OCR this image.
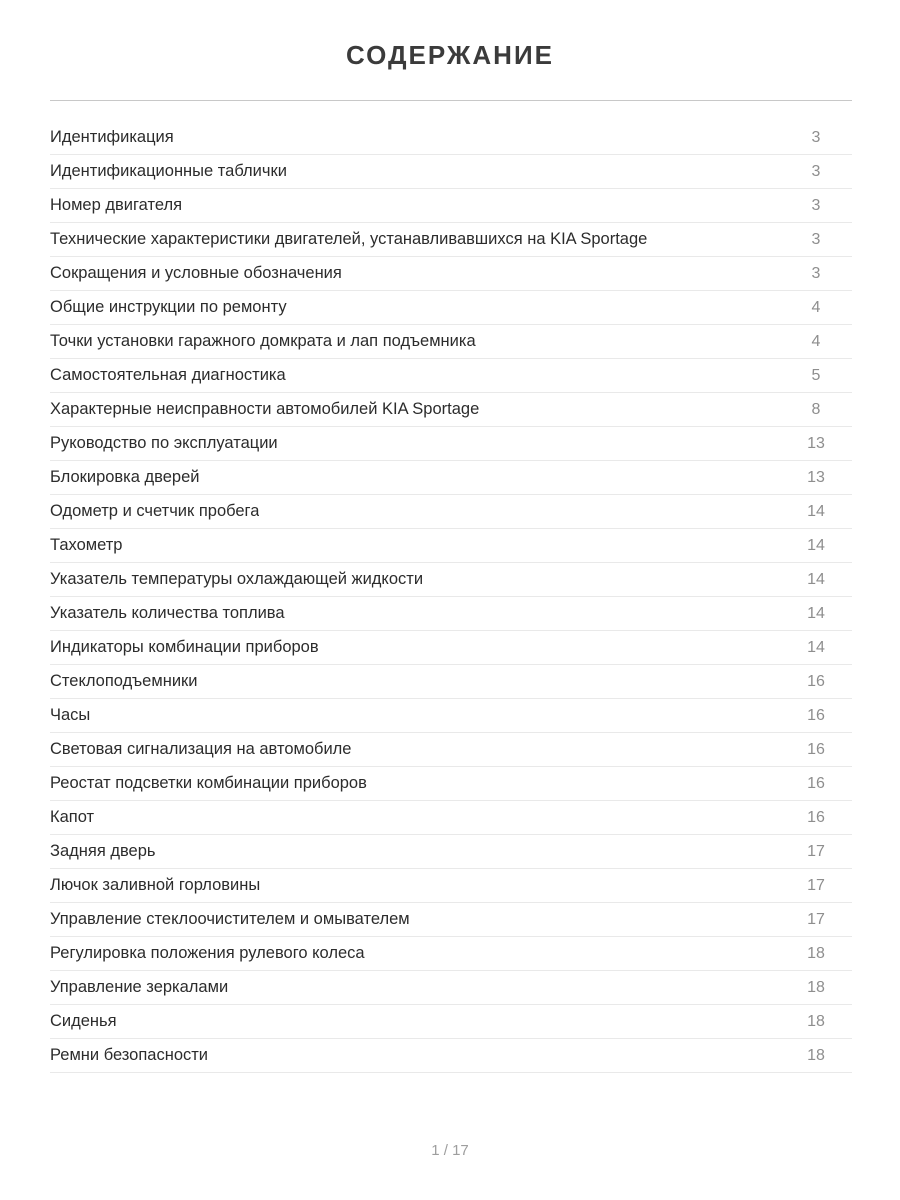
СОДЕРЖАНИЕ
Идентификация	3
Идентификационные таблички	3
Номер двигателя	3
Технические характеристики двигателей, устанавливавшихся на KIA Sportage	3
Сокращения и условные обозначения	3
Общие инструкции по ремонту	4
Точки установки гаражного домкрата и лап подъемника	4
Самостоятельная диагностика	5
Характерные неисправности автомобилей KIA Sportage	8
Руководство по эксплуатации	13
Блокировка дверей	13
Одометр и счетчик пробега	14
Тахометр	14
Указатель температуры охлаждающей жидкости	14
Указатель количества топлива	14
Индикаторы комбинации приборов	14
Стеклоподъемники	16
Часы	16
Световая сигнализация на автомобиле	16
Реостат подсветки комбинации приборов	16
Капот	16
Задняя дверь	17
Лючок заливной горловины	17
Управление стеклоочистителем и омывателем	17
Регулировка положения рулевого колеса	18
Управление зеркалами	18
Сиденья	18
Ремни безопасности	18
1 / 17
